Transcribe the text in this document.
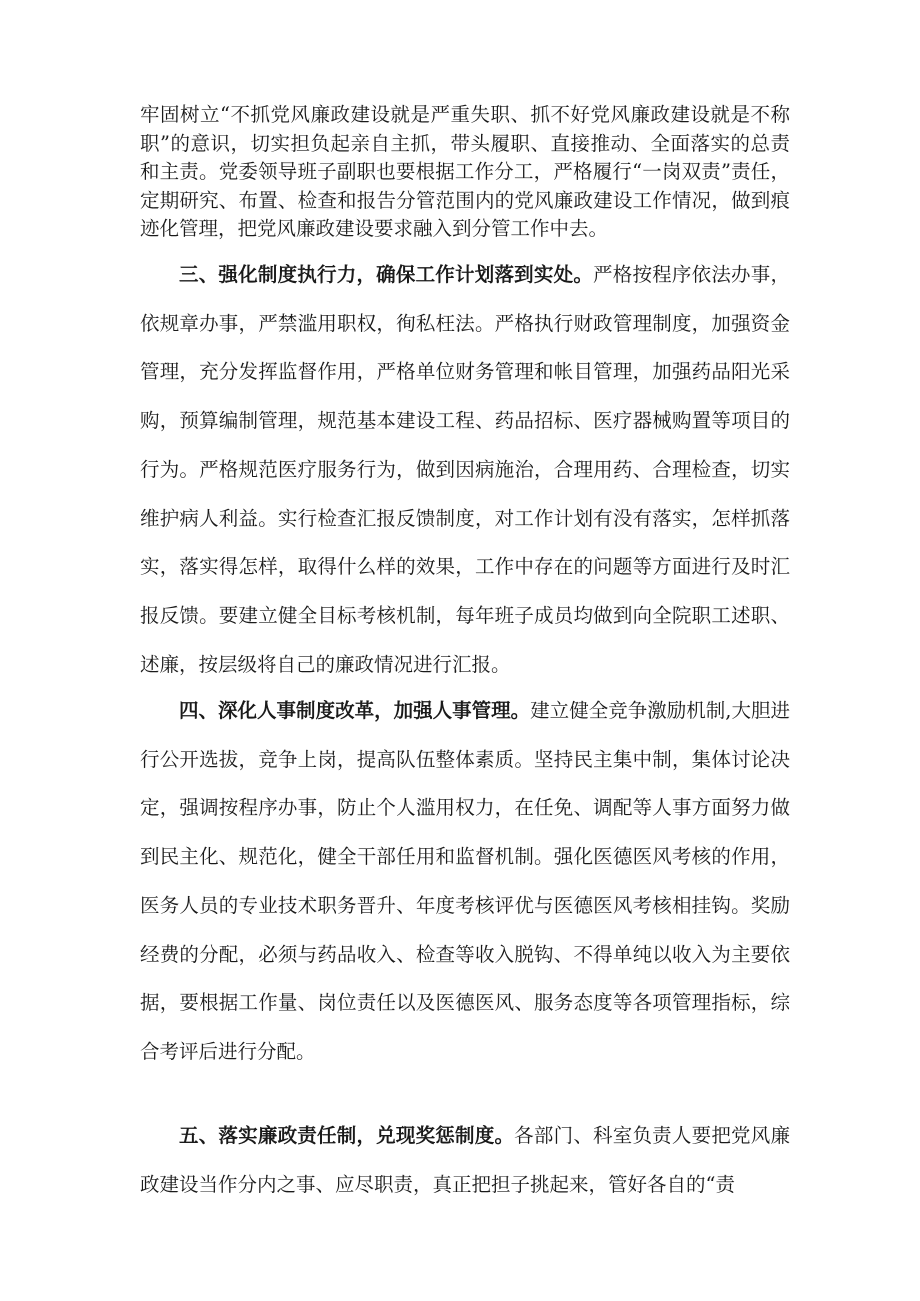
牢固树立“不抓党风廉政建设就是严重失职、抓不好党风廉政建设就是不称职”的意识，切实担负起亲自主抓，带头履职、直接推动、全面落实的总责和主责。党委领导班子副职也要根据工作分工，严格履行“一岗双责”责任，定期研究、布置、检查和报告分管范围内的党风廉政建设工作情况，做到痕迹化管理，把党风廉政建设要求融入到分管工作中去。
三、强化制度执行力，确保工作计划落到实处。严格按程序依法办事，依规章办事，严禁滥用职权，徇私枉法。严格执行财政管理制度，加强资金管理，充分发挥监督作用，严格单位财务管理和帐目管理，加强药品阳光采购，预算编制管理，规范基本建设工程、药品招标、医疗器械购置等项目的行为。严格规范医疗服务行为，做到因病施治，合理用药、合理检查，切实维护病人利益。实行检查汇报反馈制度，对工作计划有没有落实，怎样抓落实，落实得怎样，取得什么样的效果，工作中存在的问题等方面进行及时汇报反馈。要建立健全目标考核机制，每年班子成员均做到向全院职工述职、述廉，按层级将自己的廉政情况进行汇报。
四、深化人事制度改革，加强人事管理。建立健全竞争激励机制,大胆进行公开选拔，竞争上岗，提高队伍整体素质。坚持民主集中制，集体讨论决定，强调按程序办事，防止个人滥用权力，在任免、调配等人事方面努力做到民主化、规范化，健全干部任用和监督机制。强化医德医风考核的作用，医务人员的专业技术职务晋升、年度考核评优与医德医风考核相挂钩。奖励经费的分配，必须与药品收入、检查等收入脱钩、不得单纯以收入为主要依据，要根据工作量、岗位责任以及医德医风、服务态度等各项管理指标，综合考评后进行分配。
五、落实廉政责任制，兑现奖惩制度。各部门、科室负责人要把党风廉政建设当作分内之事、应尽职责，真正把担子挑起来，管好各自的“责
